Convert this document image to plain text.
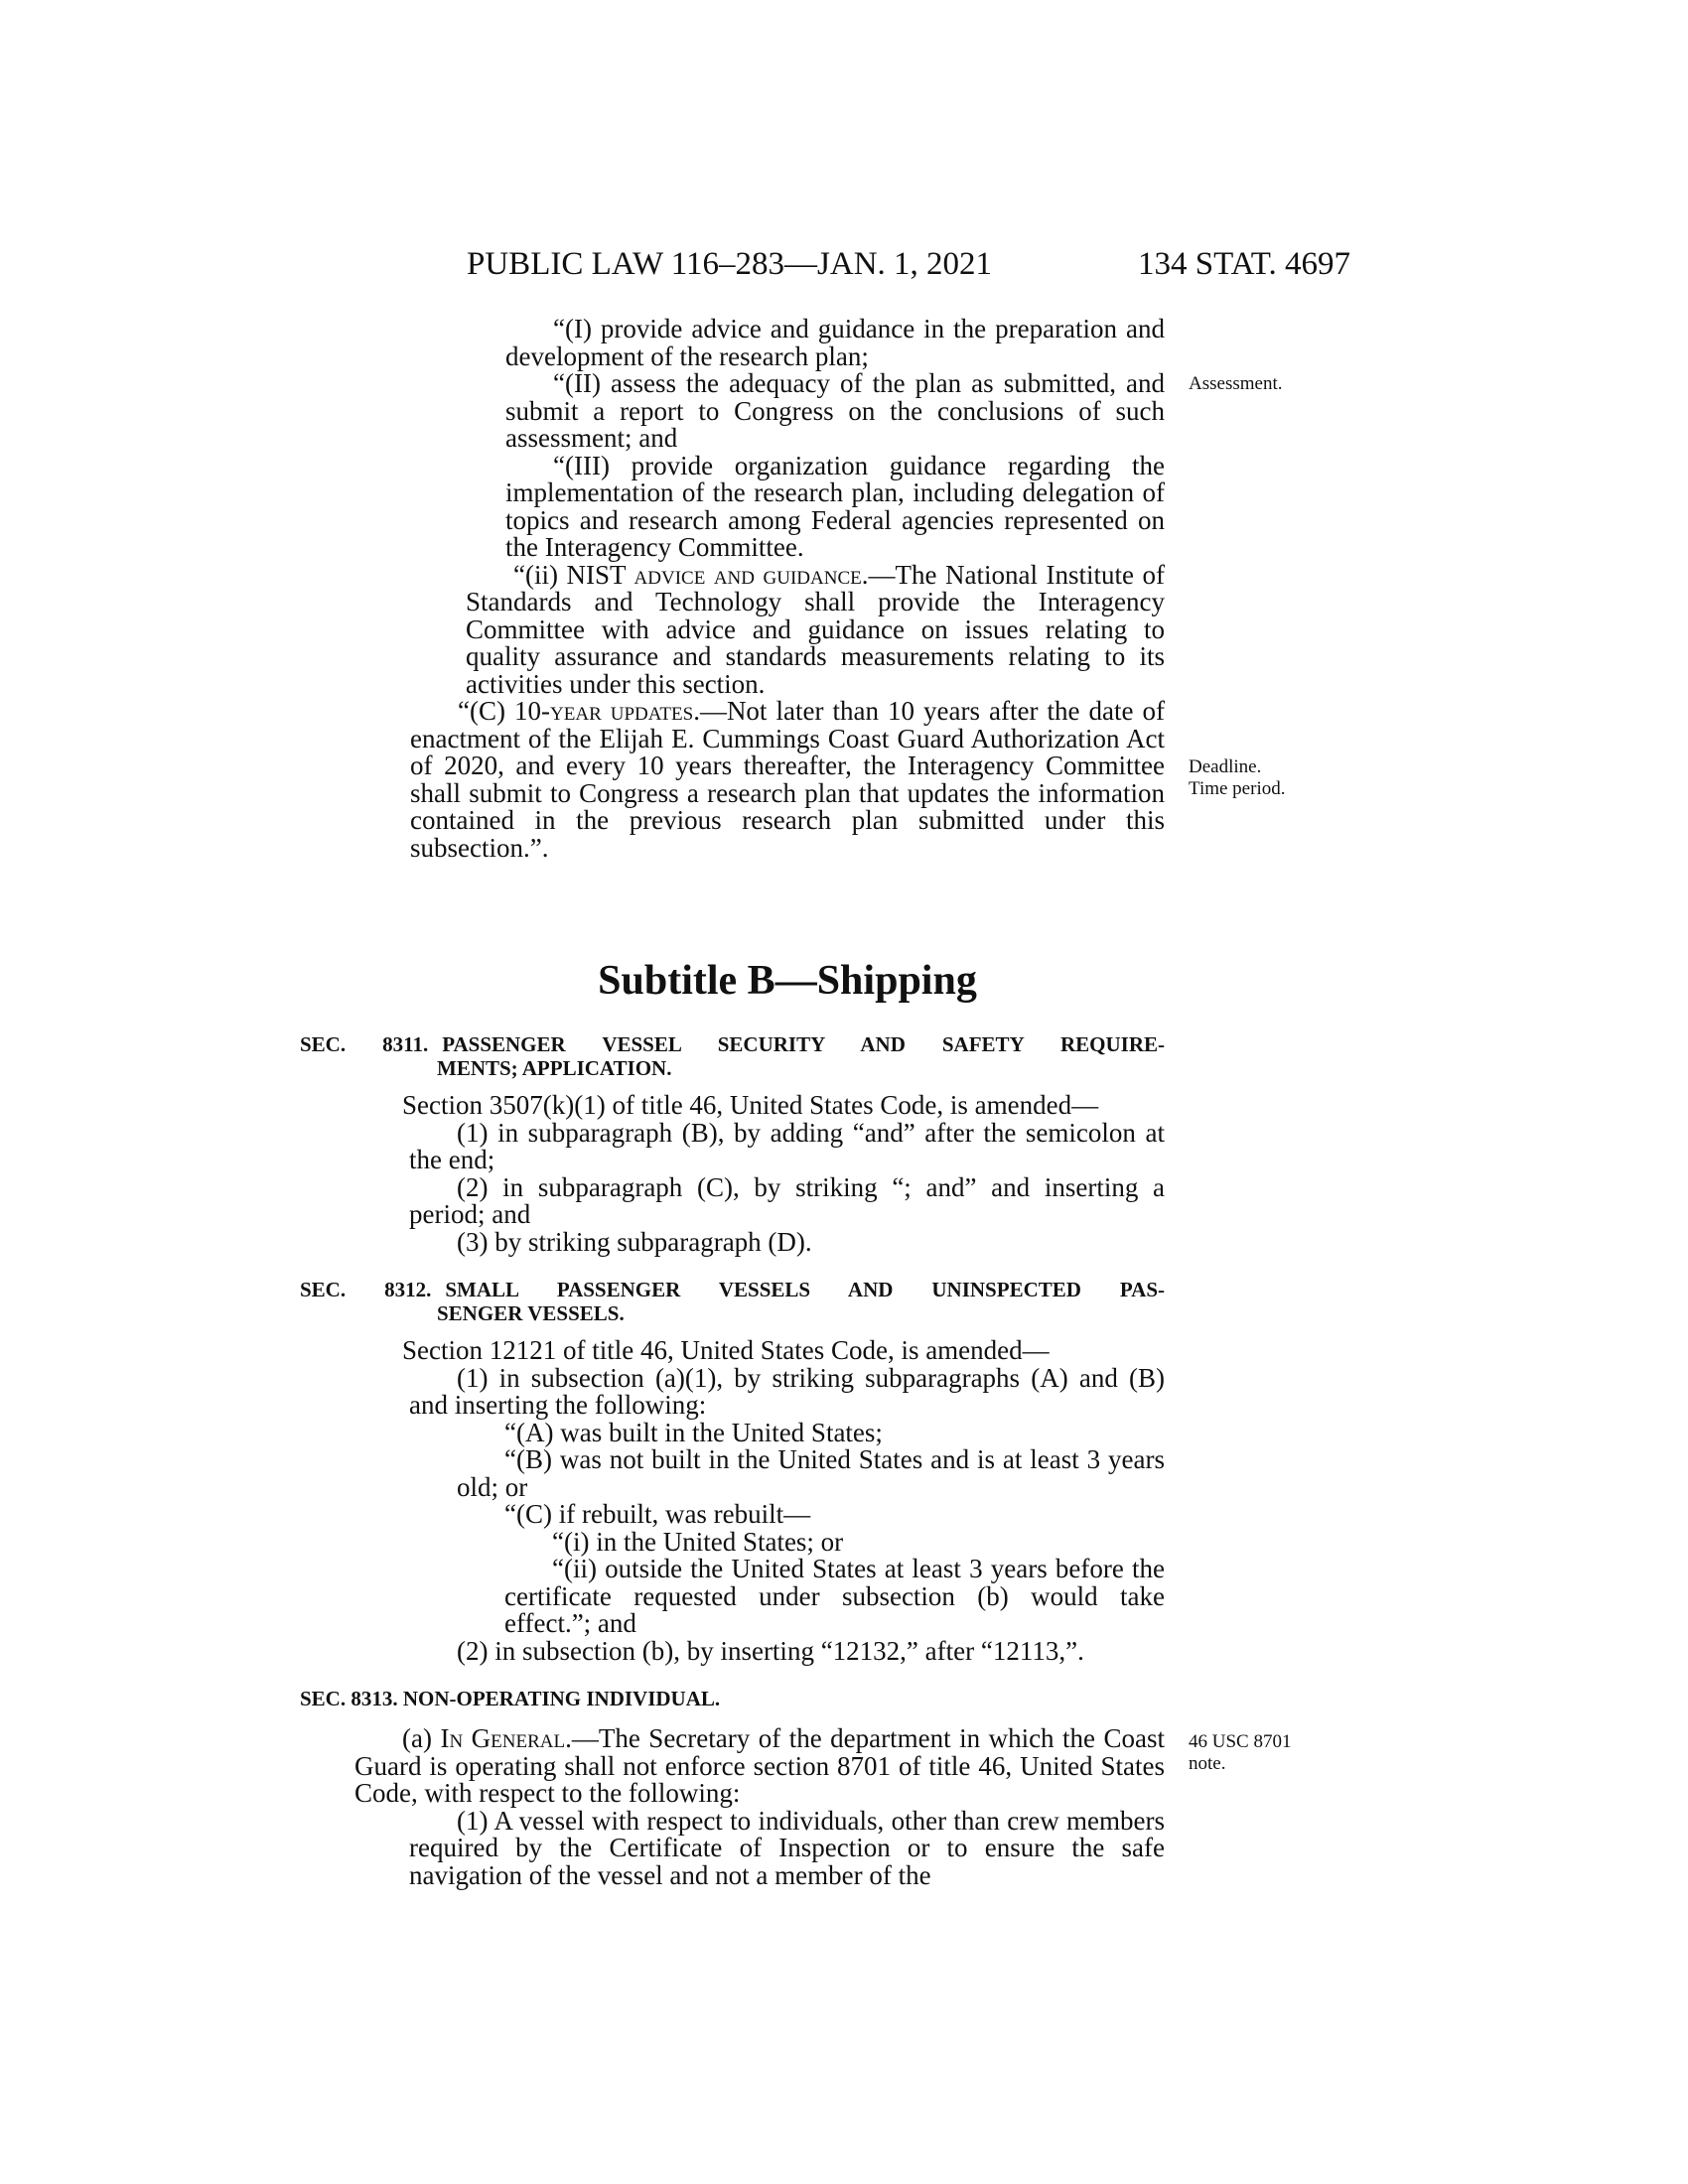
PUBLIC LAW 116–283—JAN. 1, 2021	134 STAT. 4697

“(I) provide advice and guidance in the preparation and development of the research plan;

“(II) assess the adequacy of the plan as submitted, and submit a report to Congress on the conclusions of such assessment; and

“(III) provide organization guidance regarding the implementation of the research plan, including delegation of topics and research among Federal agencies represented on the Interagency Committee.

“(ii) NIST advice and guidance.—The National Institute of Standards and Technology shall provide the Interagency Committee with advice and guidance on issues relating to quality assurance and standards measurements relating to its activities under this section.

“(C) 10-year updates.—Not later than 10 years after the date of enactment of the Elijah E. Cummings Coast Guard Authorization Act of 2020, and every 10 years thereafter, the Interagency Committee shall submit to Congress a research plan that updates the information contained in the previous research plan submitted under this subsection.”.

Assessment.
Deadline.
Time period.
Subtitle B—Shipping
SEC. 8311. PASSENGER VESSEL SECURITY AND SAFETY REQUIRE-
MENTS; APPLICATION.

Section 3507(k)(1) of title 46, United States Code, is amended—

(1) in subparagraph (B), by adding “and” after the semicolon at the end;

(2) in subparagraph (C), by striking “; and” and inserting a period; and

(3) by striking subparagraph (D).

SEC. 8312. SMALL PASSENGER VESSELS AND UNINSPECTED PAS-
SENGER VESSELS.

Section 12121 of title 46, United States Code, is amended—

(1) in subsection (a)(1), by striking subparagraphs (A) and (B) and inserting the following:

“(A) was built in the United States;

“(B) was not built in the United States and is at least 3 years old; or

“(C) if rebuilt, was rebuilt—

“(i) in the United States; or

“(ii) outside the United States at least 3 years before the certificate requested under subsection (b) would take effect.”; and

(2) in subsection (b), by inserting “12132,” after “12113,”.

SEC. 8313. NON-OPERATING INDIVIDUAL.

(a) In General.—The Secretary of the department in which the Coast Guard is operating shall not enforce section 8701 of title 46, United States Code, with respect to the following:

(1) A vessel with respect to individuals, other than crew members required by the Certificate of Inspection or to ensure the safe navigation of the vessel and not a member of the

46 USC 8701
note.
